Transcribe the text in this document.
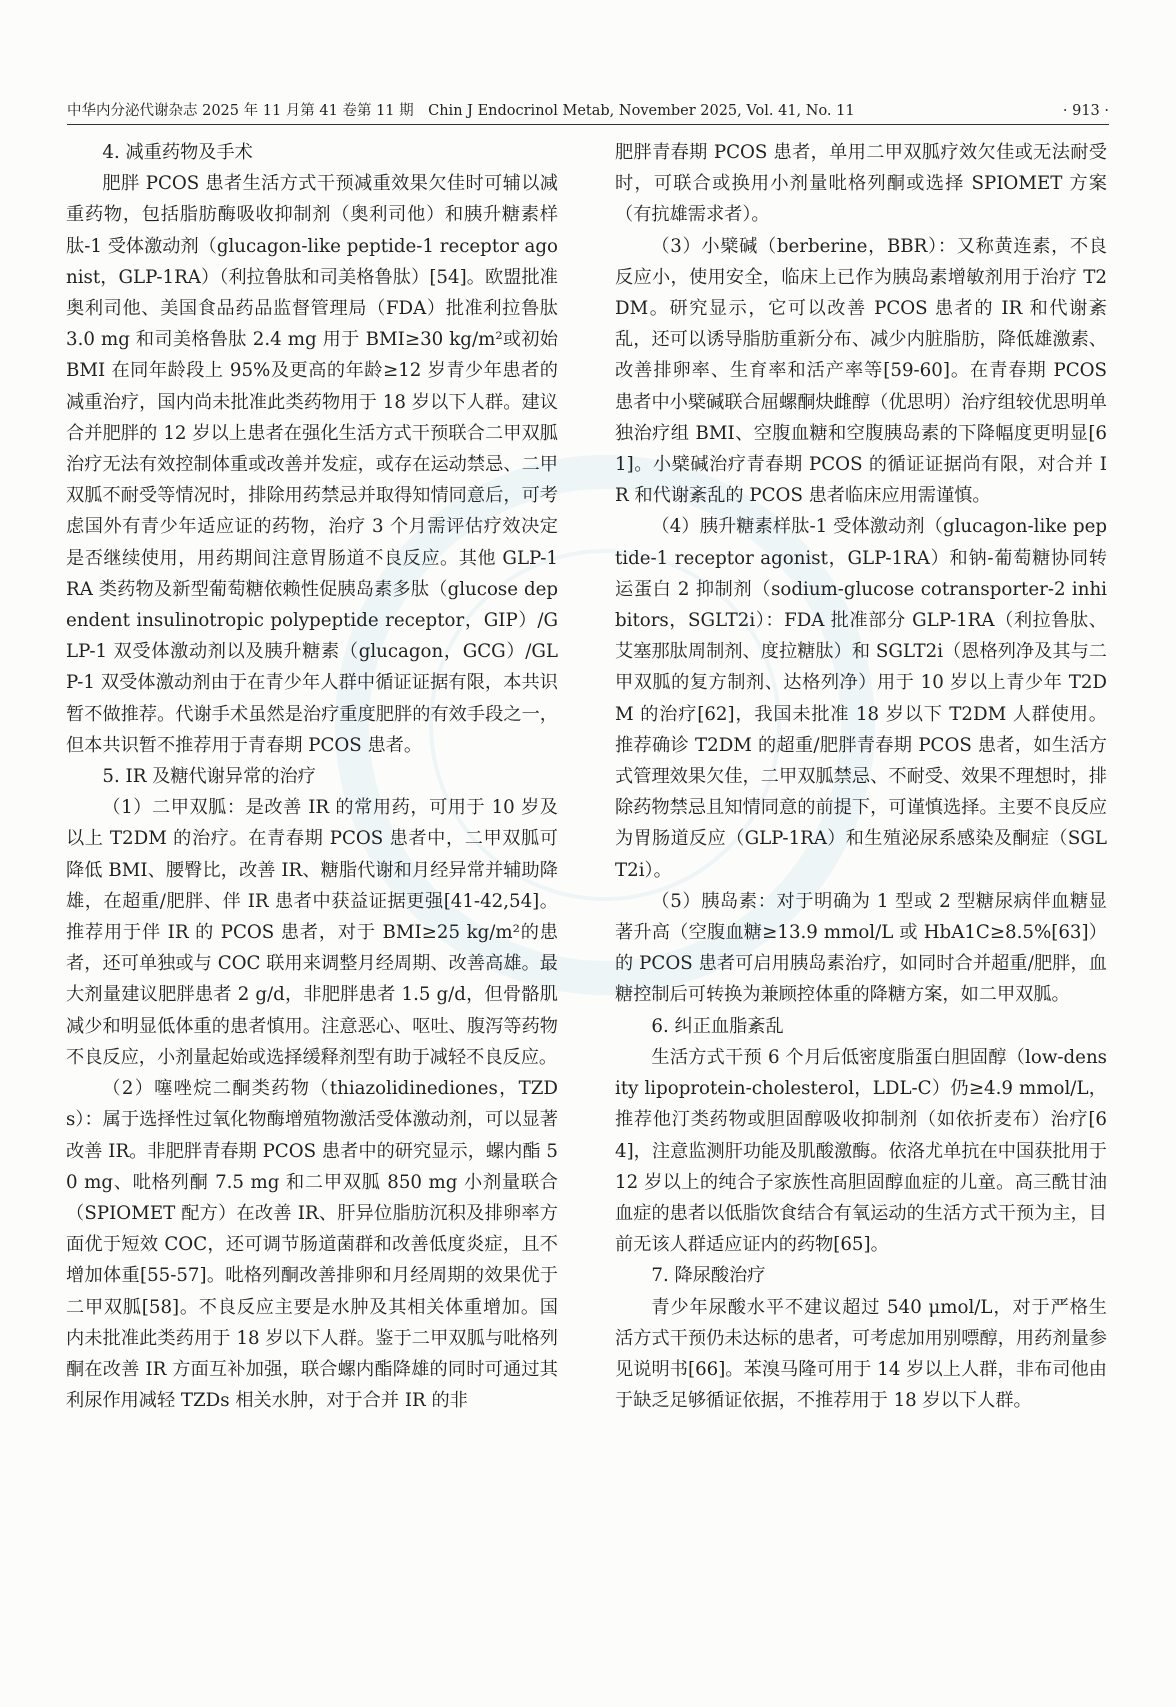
中华内分泌代谢杂志 2025 年 11 月第 41 卷第 11 期　Chin J Endocrinol Metab, November 2025, Vol. 41, No. 11	· 913 ·
4. 减重药物及手术

肥胖 PCOS 患者生活方式干预减重效果欠佳时可辅以减重药物，包括脂肪酶吸收抑制剂（奥利司他）和胰升糖素样肽-1 受体激动剂（glucagon-like peptide-1 receptor agonist，GLP-1RA）（利拉鲁肽和司美格鲁肽）[54]。欧盟批准奥利司他、美国食品药品监督管理局（FDA）批准利拉鲁肽 3.0 mg 和司美格鲁肽 2.4 mg 用于 BMI≥30 kg/m²或初始 BMI 在同年龄段上 95%及更高的年龄≥12 岁青少年患者的减重治疗，国内尚未批准此类药物用于 18 岁以下人群。建议合并肥胖的 12 岁以上患者在强化生活方式干预联合二甲双胍治疗无法有效控制体重或改善并发症，或存在运动禁忌、二甲双胍不耐受等情况时，排除用药禁忌并取得知情同意后，可考虑国外有青少年适应证的药物，治疗 3 个月需评估疗效决定是否继续使用，用药期间注意胃肠道不良反应。其他 GLP-1RA 类药物及新型葡萄糖依赖性促胰岛素多肽（glucose dependent insulinotropic polypeptide receptor，GIP）/GLP-1 双受体激动剂以及胰升糖素（glucagon，GCG）/GLP-1 双受体激动剂由于在青少年人群中循证证据有限，本共识暂不做推荐。代谢手术虽然是治疗重度肥胖的有效手段之一，但本共识暂不推荐用于青春期 PCOS 患者。

5. IR 及糖代谢异常的治疗

（1）二甲双胍：是改善 IR 的常用药，可用于 10 岁及以上 T2DM 的治疗。在青春期 PCOS 患者中，二甲双胍可降低 BMI、腰臀比，改善 IR、糖脂代谢和月经异常并辅助降雄，在超重/肥胖、伴 IR 患者中获益证据更强[41-42,54]。推荐用于伴 IR 的 PCOS 患者，对于 BMI≥25 kg/m²的患者，还可单独或与 COC 联用来调整月经周期、改善高雄。最大剂量建议肥胖患者 2 g/d，非肥胖患者 1.5 g/d，但骨骼肌减少和明显低体重的患者慎用。注意恶心、呕吐、腹泻等药物不良反应，小剂量起始或选择缓释剂型有助于减轻不良反应。

（2）噻唑烷二酮类药物（thiazolidinediones，TZDs）：属于选择性过氧化物酶增殖物激活受体激动剂，可以显著改善 IR。非肥胖青春期 PCOS 患者中的研究显示，螺内酯 50 mg、吡格列酮 7.5 mg 和二甲双胍 850 mg 小剂量联合（SPIOMET 配方）在改善 IR、肝异位脂肪沉积及排卵率方面优于短效 COC，还可调节肠道菌群和改善低度炎症，且不增加体重[55-57]。吡格列酮改善排卵和月经周期的效果优于二甲双胍[58]。不良反应主要是水肿及其相关体重增加。国内未批准此类药用于 18 岁以下人群。鉴于二甲双胍与吡格列酮在改善 IR 方面互补加强，联合螺内酯降雄的同时可通过其利尿作用减轻 TZDs 相关水肿，对于合并 IR 的非

肥胖青春期 PCOS 患者，单用二甲双胍疗效欠佳或无法耐受时，可联合或换用小剂量吡格列酮或选择 SPIOMET 方案（有抗雄需求者）。

（3）小檗碱（berberine，BBR）：又称黄连素，不良反应小，使用安全，临床上已作为胰岛素增敏剂用于治疗 T2DM。研究显示，它可以改善 PCOS 患者的 IR 和代谢紊乱，还可以诱导脂肪重新分布、减少内脏脂肪，降低雄激素、改善排卵率、生育率和活产率等[59-60]。在青春期 PCOS 患者中小檗碱联合屈螺酮炔雌醇（优思明）治疗组较优思明单独治疗组 BMI、空腹血糖和空腹胰岛素的下降幅度更明显[61]。小檗碱治疗青春期 PCOS 的循证证据尚有限，对合并 IR 和代谢紊乱的 PCOS 患者临床应用需谨慎。

（4）胰升糖素样肽-1 受体激动剂（glucagon-like peptide-1 receptor agonist，GLP-1RA）和钠-葡萄糖协同转运蛋白 2 抑制剂（sodium-glucose cotransporter-2 inhibitors，SGLT2i）：FDA 批准部分 GLP-1RA（利拉鲁肽、艾塞那肽周制剂、度拉糖肽）和 SGLT2i（恩格列净及其与二甲双胍的复方制剂、达格列净）用于 10 岁以上青少年 T2DM 的治疗[62]，我国未批准 18 岁以下 T2DM 人群使用。推荐确诊 T2DM 的超重/肥胖青春期 PCOS 患者，如生活方式管理效果欠佳，二甲双胍禁忌、不耐受、效果不理想时，排除药物禁忌且知情同意的前提下，可谨慎选择。主要不良反应为胃肠道反应（GLP-1RA）和生殖泌尿系感染及酮症（SGLT2i）。

（5）胰岛素：对于明确为 1 型或 2 型糖尿病伴血糖显著升高（空腹血糖≥13.9 mmol/L 或 HbA1C≥8.5%[63]）的 PCOS 患者可启用胰岛素治疗，如同时合并超重/肥胖，血糖控制后可转换为兼顾控体重的降糖方案，如二甲双胍。

6. 纠正血脂紊乱

生活方式干预 6 个月后低密度脂蛋白胆固醇（low-density lipoprotein-cholesterol，LDL-C）仍≥4.9 mmol/L，推荐他汀类药物或胆固醇吸收抑制剂（如依折麦布）治疗[64]，注意监测肝功能及肌酸激酶。依洛尤单抗在中国获批用于 12 岁以上的纯合子家族性高胆固醇血症的儿童。高三酰甘油血症的患者以低脂饮食结合有氧运动的生活方式干预为主，目前无该人群适应证内的药物[65]。

7. 降尿酸治疗

青少年尿酸水平不建议超过 540 μmol/L，对于严格生活方式干预仍未达标的患者，可考虑加用别嘌醇，用药剂量参见说明书[66]。苯溴马隆可用于 14 岁以上人群，非布司他由于缺乏足够循证依据，不推荐用于 18 岁以下人群。
